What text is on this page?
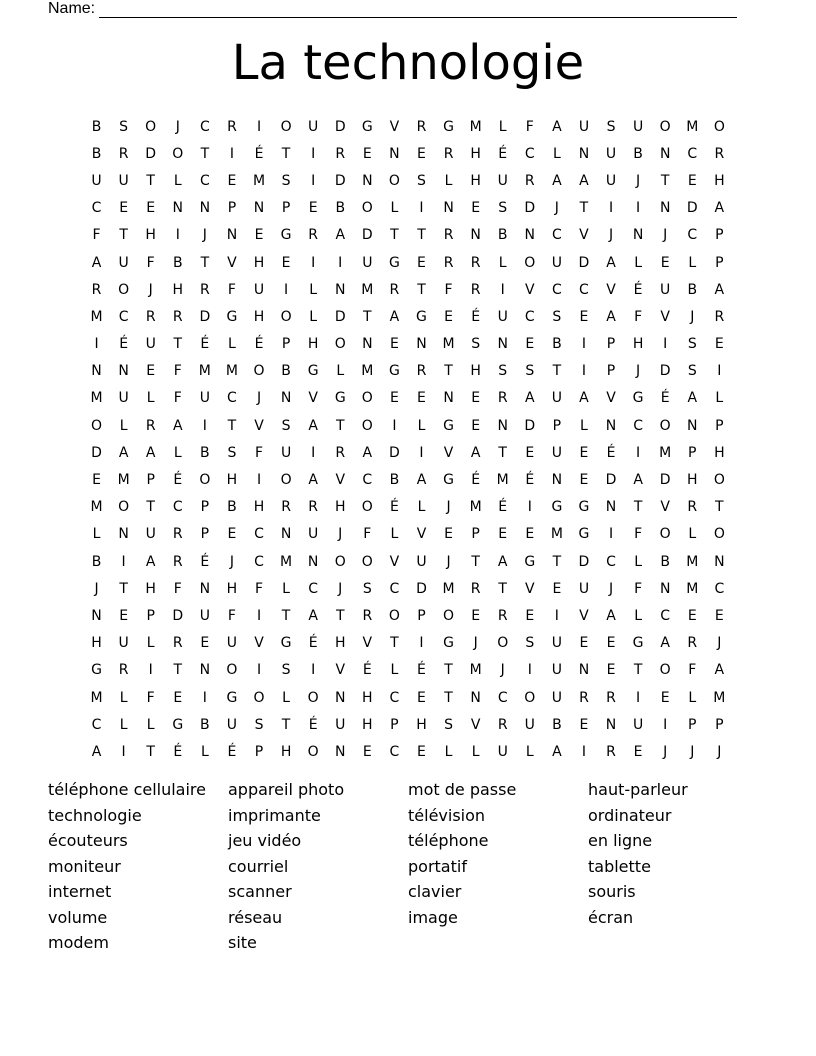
Name:
La technologie
B	S	O	J	C	R	I	O	U	D	G	V	R	G	M	L	F	A	U	S	U	O	M	O
B	R	D	O	T	I	É	T	I	R	E	N	E	R	H	É	C	L	N	U	B	N	C	R
U	U	T	L	C	E	M	S	I	D	N	O	S	L	H	U	R	A	A	U	J	T	E	H
C	E	E	N	N	P	N	P	E	B	O	L	I	N	E	S	D	J	T	I	I	N	D	A
F	T	H	I	J	N	E	G	R	A	D	T	T	R	N	B	N	C	V	J	N	J	C	P
A	U	F	B	T	V	H	E	I	I	U	G	E	R	R	L	O	U	D	A	L	E	L	P
R	O	J	H	R	F	U	I	L	N	M	R	T	F	R	I	V	C	C	V	É	U	B	A
M	C	R	R	D	G	H	O	L	D	T	A	G	E	É	U	C	S	E	A	F	V	J	R
I	É	U	T	É	L	É	P	H	O	N	E	N	M	S	N	E	B	I	P	H	I	S	E
N	N	E	F	M	M	O	B	G	L	M	G	R	T	H	S	S	T	I	P	J	D	S	I
M	U	L	F	U	C	J	N	V	G	O	E	E	N	E	R	A	U	A	V	G	É	A	L
O	L	R	A	I	T	V	S	A	T	O	I	L	G	E	N	D	P	L	N	C	O	N	P
D	A	A	L	B	S	F	U	I	R	A	D	I	V	A	T	E	U	E	É	I	M	P	H
E	M	P	É	O	H	I	O	A	V	C	B	A	G	É	M	É	N	E	D	A	D	H	O
M	O	T	C	P	B	H	R	R	H	O	É	L	J	M	É	I	G	G	N	T	V	R	T
L	N	U	R	P	E	C	N	U	J	F	L	V	E	P	E	E	M	G	I	F	O	L	O
B	I	A	R	É	J	C	M	N	O	O	V	U	J	T	A	G	T	D	C	L	B	M	N
J	T	H	F	N	H	F	L	C	J	S	C	D	M	R	T	V	E	U	J	F	N	M	C
N	E	P	D	U	F	I	T	A	T	R	O	P	O	E	R	E	I	V	A	L	C	E	E
H	U	L	R	E	U	V	G	É	H	V	T	I	G	J	O	S	U	E	E	G	A	R	J
G	R	I	T	N	O	I	S	I	V	É	L	É	T	M	J	I	U	N	E	T	O	F	A
M	L	F	E	I	G	O	L	O	N	H	C	E	T	N	C	O	U	R	R	I	E	L	M
C	L	L	G	B	U	S	T	É	U	H	P	H	S	V	R	U	B	E	N	U	I	P	P
A	I	T	É	L	É	P	H	O	N	E	C	E	L	L	U	L	A	I	R	E	J	J	J
téléphone cellulaire	appareil photo	mot de passe	haut-parleur
technologie	imprimante	télévision	ordinateur
écouteurs	jeu vidéo	téléphone	en ligne
moniteur	courriel	portatif	tablette
internet	scanner	clavier	souris
volume	réseau	image	écran
modem	site
